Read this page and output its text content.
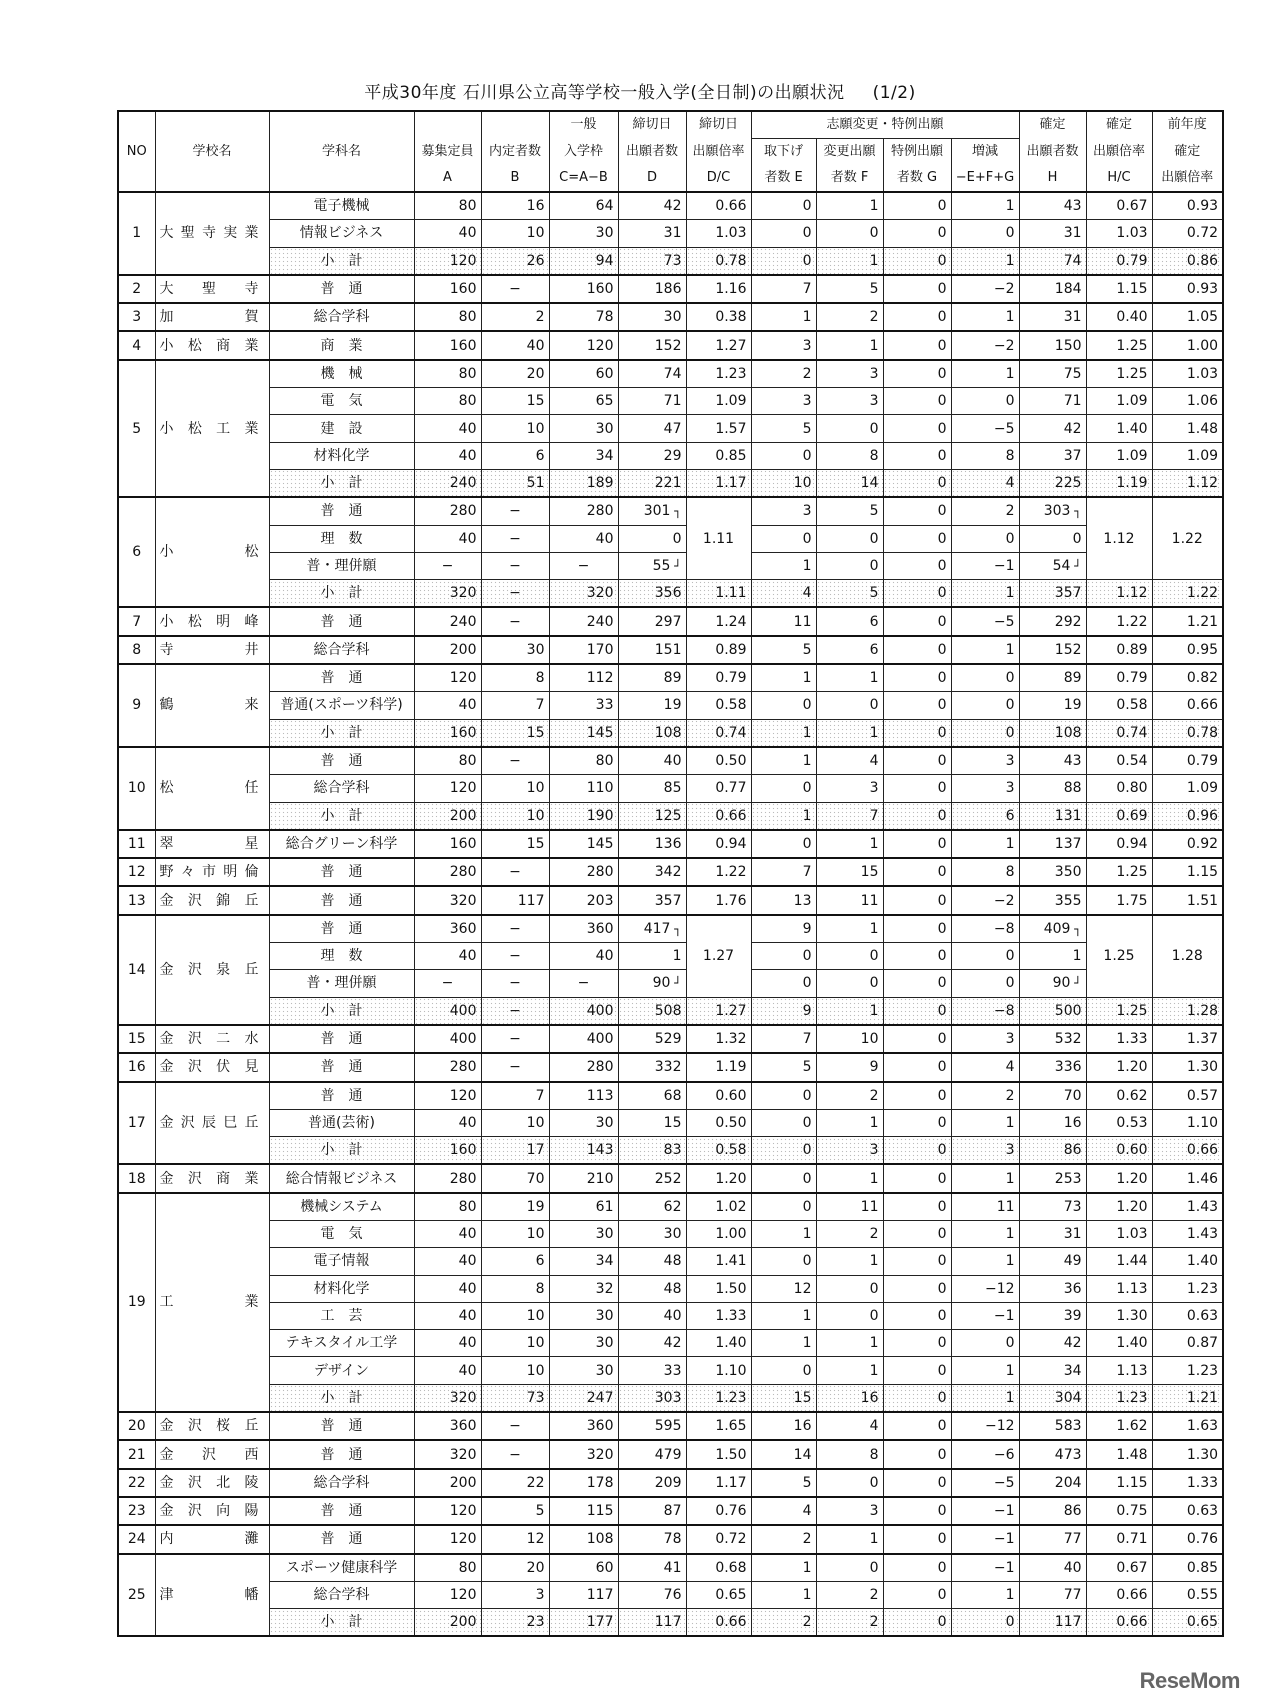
平成30年度 石川県公立高等学校一般入学(全日制)の出願状況 (1/2)
NO	学校名	学科名			一般	締切日	締切日	志願変更・特例出願				確定	確定	前年度
			募集定員	内定者数	入学枠	出願者数	出願倍率	取下げ	変更出願	特例出願	増減	出願者数	出願倍率	確定
			A	B	C=A−B	D	D/C	者数 E	者数 F	者数 G	−E+F+G	H	H/C	出願倍率
1	大聖寺実業	電子機械	80	16	64	42	0.66	0	1	0	1	43	0.67	0.93
		情報ビジネス	40	10	30	31	1.03	0	0	0	0	31	1.03	0.72
		小　計	120	26	94	73	0.78	0	1	0	1	74	0.79	0.86
2	大聖寺	普　通	160	−	160	186	1.16	7	5	0	−2	184	1.15	0.93
3	加賀	総合学科	80	2	78	30	0.38	1	2	0	1	31	0.40	1.05
4	小松商業	商　業	160	40	120	152	1.27	3	1	0	−2	150	1.25	1.00
5	小松工業	機　械	80	20	60	74	1.23	2	3	0	1	75	1.25	1.03
		電　気	80	15	65	71	1.09	3	3	0	0	71	1.09	1.06
		建　設	40	10	30	47	1.57	5	0	0	−5	42	1.40	1.48
		材料化学	40	6	34	29	0.85	0	8	0	8	37	1.09	1.09
		小　計	240	51	189	221	1.17	10	14	0	4	225	1.19	1.12
6	小松	普　通	280	−	280	301 ┐	1.11	3	5	0	2	303 ┐	1.12	1.22
		理　数	40	−	40	0		0	0	0	0	0		
		普・理併願	−	−	−	55 ┘		1	0	0	−1	54 ┘		
		小　計	320	−	320	356	1.11	4	5	0	1	357	1.12	1.22
7	小松明峰	普　通	240	−	240	297	1.24	11	6	0	−5	292	1.22	1.21
8	寺井	総合学科	200	30	170	151	0.89	5	6	0	1	152	0.89	0.95
9	鶴来	普　通	120	8	112	89	0.79	1	1	0	0	89	0.79	0.82
		普通(スポーツ科学)	40	7	33	19	0.58	0	0	0	0	19	0.58	0.66
		小　計	160	15	145	108	0.74	1	1	0	0	108	0.74	0.78
10	松任	普　通	80	−	80	40	0.50	1	4	0	3	43	0.54	0.79
		総合学科	120	10	110	85	0.77	0	3	0	3	88	0.80	1.09
		小　計	200	10	190	125	0.66	1	7	0	6	131	0.69	0.96
11	翠星	総合グリーン科学	160	15	145	136	0.94	0	1	0	1	137	0.94	0.92
12	野々市明倫	普　通	280	−	280	342	1.22	7	15	0	8	350	1.25	1.15
13	金沢錦丘	普　通	320	117	203	357	1.76	13	11	0	−2	355	1.75	1.51
14	金沢泉丘	普　通	360	−	360	417 ┐	1.27	9	1	0	−8	409 ┐	1.25	1.28
		理　数	40	−	40	1		0	0	0	0	1		
		普・理併願	−	−	−	90 ┘		0	0	0	0	90 ┘		
		小　計	400	−	400	508	1.27	9	1	0	−8	500	1.25	1.28
15	金沢二水	普　通	400	−	400	529	1.32	7	10	0	3	532	1.33	1.37
16	金沢伏見	普　通	280	−	280	332	1.19	5	9	0	4	336	1.20	1.30
17	金沢辰巳丘	普　通	120	7	113	68	0.60	0	2	0	2	70	0.62	0.57
		普通(芸術)	40	10	30	15	0.50	0	1	0	1	16	0.53	1.10
		小　計	160	17	143	83	0.58	0	3	0	3	86	0.60	0.66
18	金沢商業	総合情報ビジネス	280	70	210	252	1.20	0	1	0	1	253	1.20	1.46
19	工業	機械システム	80	19	61	62	1.02	0	11	0	11	73	1.20	1.43
		電　気	40	10	30	30	1.00	1	2	0	1	31	1.03	1.43
		電子情報	40	6	34	48	1.41	0	1	0	1	49	1.44	1.40
		材料化学	40	8	32	48	1.50	12	0	0	−12	36	1.13	1.23
		工　芸	40	10	30	40	1.33	1	0	0	−1	39	1.30	0.63
		テキスタイル工学	40	10	30	42	1.40	1	1	0	0	42	1.40	0.87
		デザイン	40	10	30	33	1.10	0	1	0	1	34	1.13	1.23
		小　計	320	73	247	303	1.23	15	16	0	1	304	1.23	1.21
20	金沢桜丘	普　通	360	−	360	595	1.65	16	4	0	−12	583	1.62	1.63
21	金沢西	普　通	320	−	320	479	1.50	14	8	0	−6	473	1.48	1.30
22	金沢北陵	総合学科	200	22	178	209	1.17	5	0	0	−5	204	1.15	1.33
23	金沢向陽	普　通	120	5	115	87	0.76	4	3	0	−1	86	0.75	0.63
24	内灘	普　通	120	12	108	78	0.72	2	1	0	−1	77	0.71	0.76
25	津幡	スポーツ健康科学	80	20	60	41	0.68	1	0	0	−1	40	0.67	0.85
		総合学科	120	3	117	76	0.65	1	2	0	1	77	0.66	0.55
		小　計	200	23	177	117	0.66	2	2	0	0	117	0.66	0.65
ReseMom
